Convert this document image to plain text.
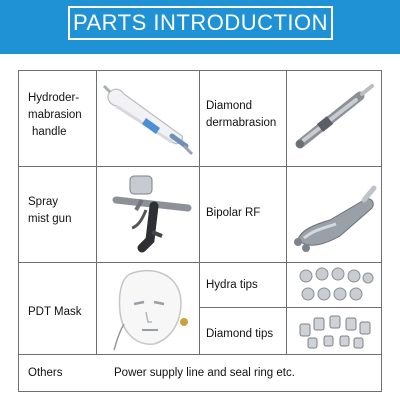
PARTS INTRODUCTION
Hydroder-
mabrasion
handle
Diamond
dermabrasion
Spray
mist gun	Bipolar RF
PDT Mask
Hydra tips
Diamond tips
Others	Power supply line and seal ring etc.
